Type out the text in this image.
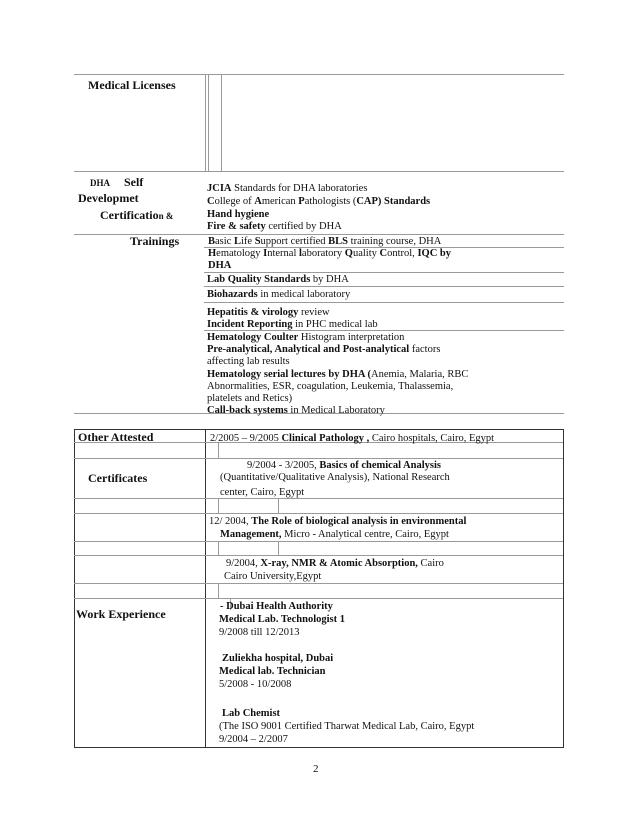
Medical Licenses
DHA Self
Developmet
Certification &
JCIA Standards for DHA laboratories
College of American Pathologists (CAP) Standards
Hand hygiene
Fire & safety certified by DHA
Trainings	Basic Life Support certified BLS training course, DHA
Hematology Internal laboratory Quality Control, IQC by
DHA
Lab Quality Standards by DHA
Biohazards in medical laboratory
Hepatitis & virology review
Incident Reporting in PHC medical lab
Hematology Coulter Histogram interpretation
Pre-analytical, Analytical and Post-analytical factors
affecting lab results
Hematology serial lectures by DHA (Anemia, Malaria, RBC
Abnormalities, ESR, coagulation, Leukemia, Thalassemia,
platelets and Retics)
Call-back systems in Medical Laboratory
Other Attested
Certificates
2/2005 – 9/2005 Clinical Pathology , Cairo hospitals, Cairo, Egypt
9/2004 - 3/2005, Basics of chemical Analysis
(Quantitative/Qualitative Analysis), National Research
center, Cairo, Egypt
12/ 2004, The Role of biological analysis in environmental
Management, Micro - Analytical centre, Cairo, Egypt
9/2004, X-ray, NMR & Atomic Absorption, Cairo
Cairo University,Egypt
Work Experience
- Dubai Health Authority
Medical Lab. Technologist 1
9/2008 till 12/2013
Zuliekha hospital, Dubai
Medical lab. Technician
5/2008 - 10/2008
Lab Chemist
(The ISO 9001 Certified Tharwat Medical Lab, Cairo, Egypt
9/2004 – 2/2007
2
